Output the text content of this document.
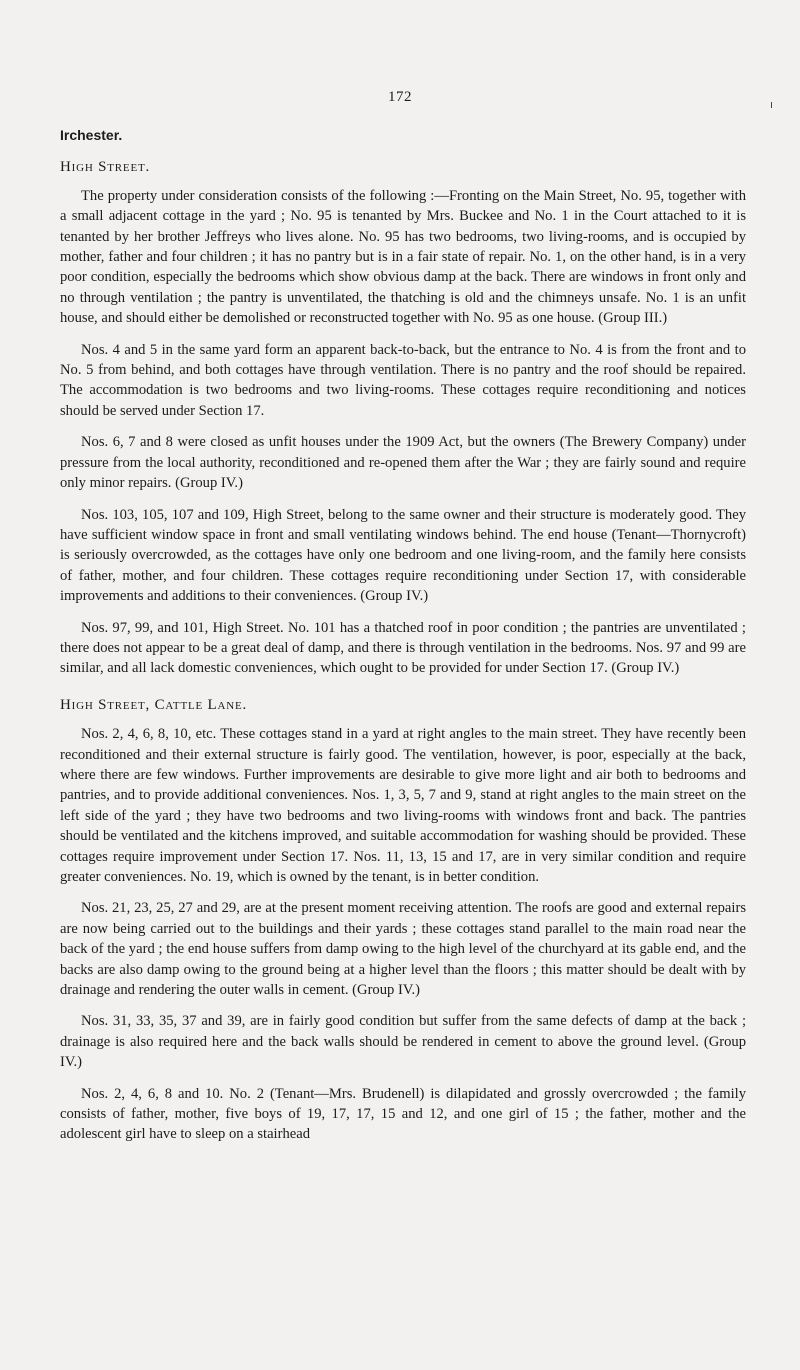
172
Irchester.
High Street.

The property under consideration consists of the following :—Fronting on the Main Street, No. 95, together with a small adjacent cottage in the yard ; No. 95 is tenanted by Mrs. Buckee and No. 1 in the Court attached to it is tenanted by her brother Jeffreys who lives alone. No. 95 has two bedrooms, two living-rooms, and is occupied by mother, father and four children ; it has no pantry but is in a fair state of repair. No. 1, on the other hand, is in a very poor condition, especially the bedrooms which show obvious damp at the back. There are windows in front only and no through ventilation ; the pantry is unventilated, the thatching is old and the chimneys unsafe. No. 1 is an unfit house, and should either be demolished or reconstructed together with No. 95 as one house. (Group III.)

Nos. 4 and 5 in the same yard form an apparent back-to-back, but the entrance to No. 4 is from the front and to No. 5 from behind, and both cottages have through ventilation. There is no pantry and the roof should be repaired. The accommodation is two bedrooms and two living-rooms. These cottages require reconditioning and notices should be served under Section 17.

Nos. 6, 7 and 8 were closed as unfit houses under the 1909 Act, but the owners (The Brewery Company) under pressure from the local authority, reconditioned and re-opened them after the War ; they are fairly sound and require only minor repairs. (Group IV.)

Nos. 103, 105, 107 and 109, High Street, belong to the same owner and their structure is moderately good. They have sufficient window space in front and small ventilating windows behind. The end house (Tenant—Thornycroft) is seriously overcrowded, as the cottages have only one bedroom and one living-room, and the family here consists of father, mother, and four children. These cottages require reconditioning under Section 17, with considerable improvements and additions to their conveniences. (Group IV.)

Nos. 97, 99, and 101, High Street. No. 101 has a thatched roof in poor condition ; the pantries are unventilated ; there does not appear to be a great deal of damp, and there is through ventilation in the bedrooms. Nos. 97 and 99 are similar, and all lack domestic conveniences, which ought to be provided for under Section 17. (Group IV.)

High Street, Cattle Lane.

Nos. 2, 4, 6, 8, 10, etc. These cottages stand in a yard at right angles to the main street. They have recently been reconditioned and their external structure is fairly good. The ventilation, however, is poor, especially at the back, where there are few windows. Further improvements are desirable to give more light and air both to bedrooms and pantries, and to provide additional conveniences. Nos. 1, 3, 5, 7 and 9, stand at right angles to the main street on the left side of the yard ; they have two bedrooms and two living-rooms with windows front and back. The pantries should be ventilated and the kitchens improved, and suitable accommodation for washing should be provided. These cottages require improvement under Section 17. Nos. 11, 13, 15 and 17, are in very similar condition and require greater conveniences. No. 19, which is owned by the tenant, is in better condition.

Nos. 21, 23, 25, 27 and 29, are at the present moment receiving attention. The roofs are good and external repairs are now being carried out to the buildings and their yards ; these cottages stand parallel to the main road near the back of the yard ; the end house suffers from damp owing to the high level of the churchyard at its gable end, and the backs are also damp owing to the ground being at a higher level than the floors ; this matter should be dealt with by drainage and rendering the outer walls in cement. (Group IV.)

Nos. 31, 33, 35, 37 and 39, are in fairly good condition but suffer from the same defects of damp at the back ; drainage is also required here and the back walls should be rendered in cement to above the ground level. (Group IV.)

Nos. 2, 4, 6, 8 and 10. No. 2 (Tenant—Mrs. Brudenell) is dilapidated and grossly overcrowded ; the family consists of father, mother, five boys of 19, 17, 17, 15 and 12, and one girl of 15 ; the father, mother and the adolescent girl have to sleep on a stairhead
